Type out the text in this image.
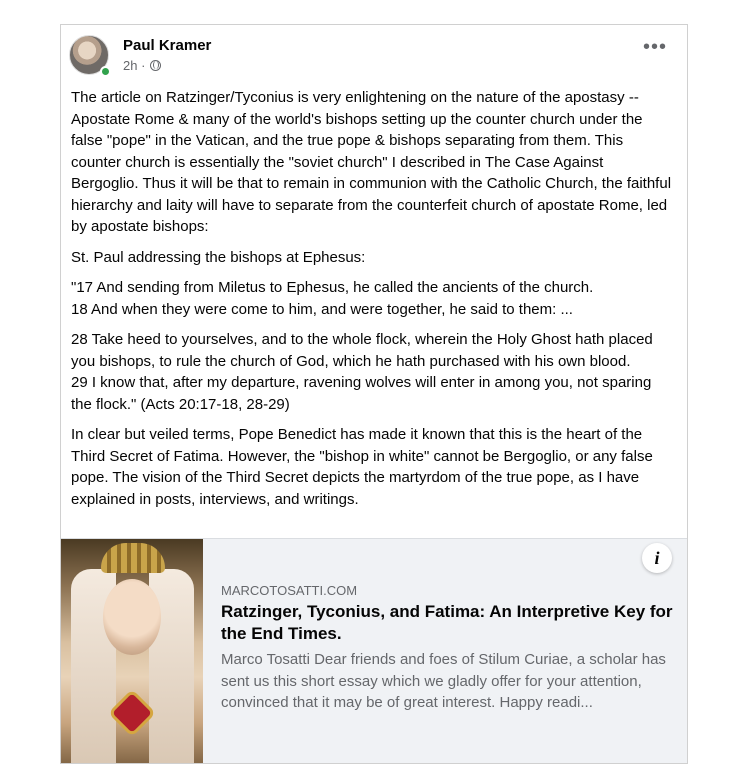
Paul Kramer
2h ·
•••

The article on Ratzinger/Tyconius is very enlightening on the nature of the apostasy -- Apostate Rome & many of the world's bishops setting up the counter church under the false "pope" in the Vatican, and the true pope & bishops separating from them. This counter church is essentially the "soviet church" I described in The Case Against Bergoglio. Thus it will be that to remain in communion with the Catholic Church, the faithful hierarchy and laity will have to separate from the counterfeit church of apostate Rome, led by apostate bishops:

St. Paul addressing the bishops at Ephesus:

"17 And sending from Miletus to Ephesus, he called the ancients of the church.
18 And when they were come to him, and were together, he said to them: ...

28 Take heed to yourselves, and to the whole flock, wherein the Holy Ghost hath placed you bishops, to rule the church of God, which he hath purchased with his own blood.
29 I know that, after my departure, ravening wolves will enter in among you, not sparing the flock." (Acts 20:17-18, 28-29)

In clear but veiled terms, Pope Benedict has made it known that this is the heart of the Third Secret of Fatima. However, the "bishop in white" cannot be Bergoglio, or any false pope. The vision of the Third Secret depicts the martyrdom of the true pope, as I have explained in posts, interviews, and writings.

i
MARCOTOSATTI.COM
Ratzinger, Tyconius, and Fatima: An Interpretive Key for the End Times.
Marco Tosatti Dear friends and foes of Stilum Curiae, a scholar has sent us this short essay which we gladly offer for your attention, convinced that it may be of great interest. Happy readi...
